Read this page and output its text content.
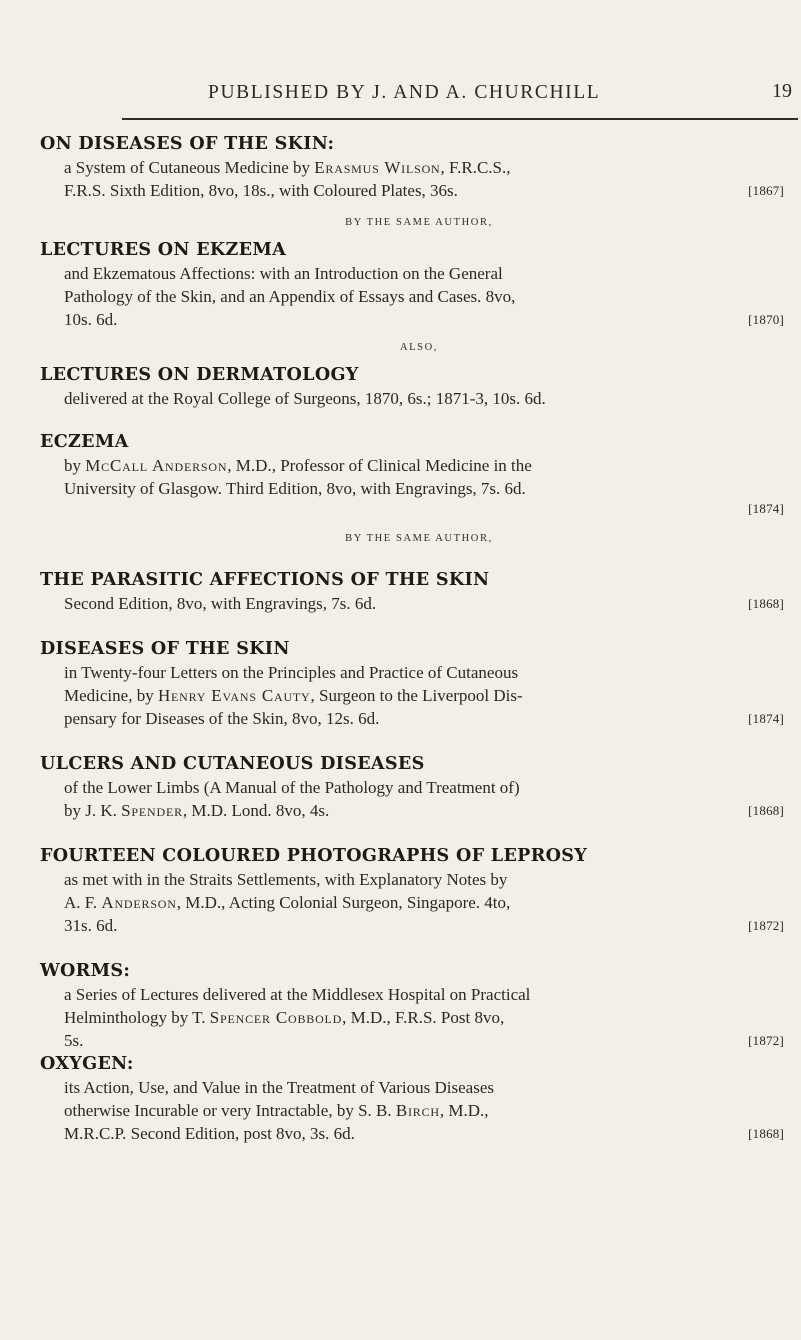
PUBLISHED BY J. AND A. CHURCHILL	19
ON DISEASES OF THE SKIN:
a System of Cutaneous Medicine by Erasmus Wilson, F.R.C.S.,
F.R.S. Sixth Edition, 8vo, 18s., with Coloured Plates, 36s.	[1867]
BY THE SAME AUTHOR,
LECTURES ON EKZEMA
and Ekzematous Affections: with an Introduction on the General
Pathology of the Skin, and an Appendix of Essays and Cases. 8vo,
10s. 6d.	[1870]
ALSO,
LECTURES ON DERMATOLOGY
delivered at the Royal College of Surgeons, 1870, 6s.; 1871-3, 10s. 6d.
ECZEMA
by McCall Anderson, M.D., Professor of Clinical Medicine in the
University of Glasgow. Third Edition, 8vo, with Engravings, 7s. 6d.
[1874]

BY THE SAME AUTHOR,
THE PARASITIC AFFECTIONS OF THE SKIN
Second Edition, 8vo, with Engravings, 7s. 6d.	[1868]
DISEASES OF THE SKIN
in Twenty-four Letters on the Principles and Practice of Cutaneous
Medicine, by Henry Evans Cauty, Surgeon to the Liverpool Dis-
pensary for Diseases of the Skin, 8vo, 12s. 6d.	[1874]
ULCERS AND CUTANEOUS DISEASES
of the Lower Limbs (A Manual of the Pathology and Treatment of)
by J. K. Spender, M.D. Lond. 8vo, 4s.	[1868]
FOURTEEN COLOURED PHOTOGRAPHS OF LEPROSY
as met with in the Straits Settlements, with Explanatory Notes by
A. F. Anderson, M.D., Acting Colonial Surgeon, Singapore. 4to,
31s. 6d.	[1872]
WORMS:
a Series of Lectures delivered at the Middlesex Hospital on Practical
Helminthology by T. Spencer Cobbold, M.D., F.R.S. Post 8vo,
5s.	[1872]
OXYGEN:
its Action, Use, and Value in the Treatment of Various Diseases
otherwise Incurable or very Intractable, by S. B. Birch, M.D.,
M.R.C.P. Second Edition, post 8vo, 3s. 6d.	[1868]
